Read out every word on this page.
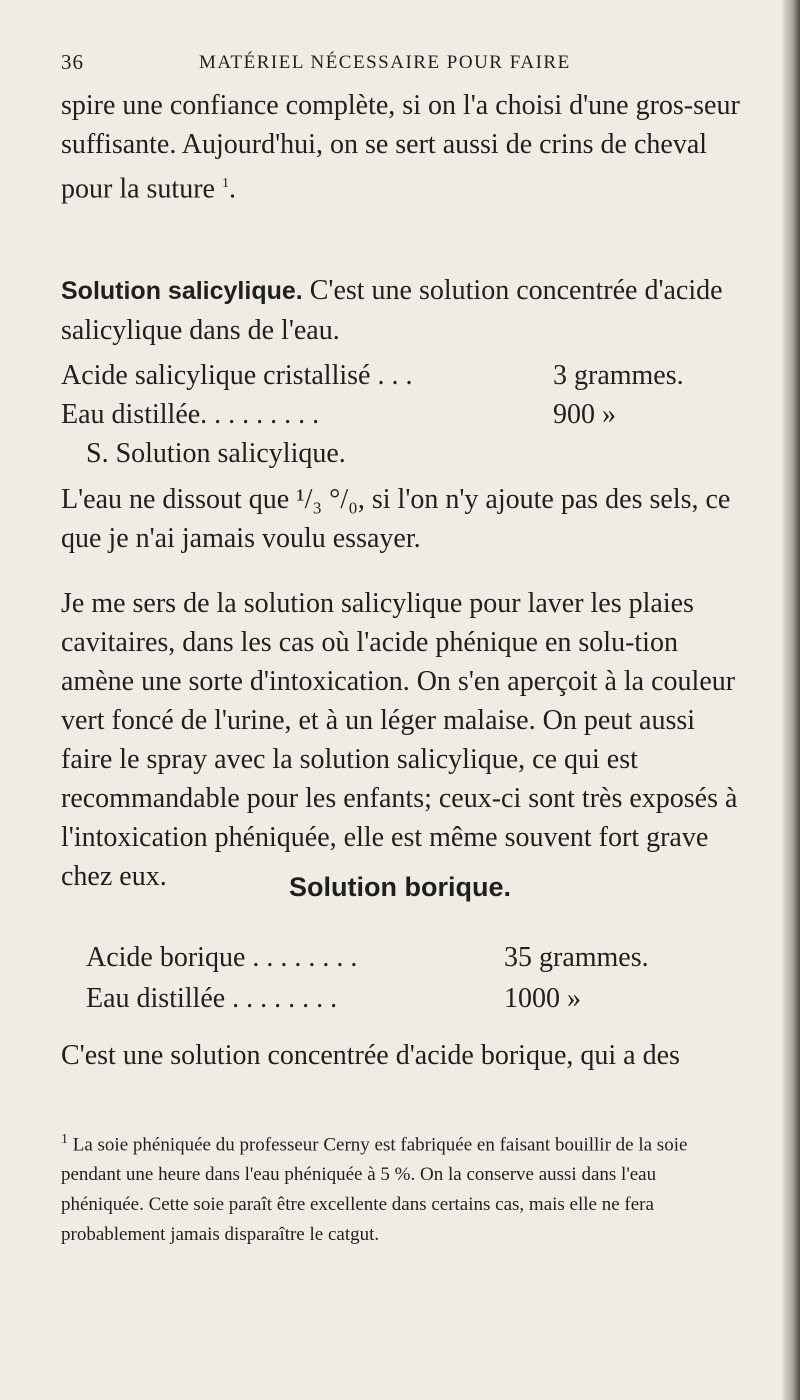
36	MATÉRIEL NÉCESSAIRE POUR FAIRE
spire une confiance complète, si on l'a choisi d'une gros-seur suffisante. Aujourd'hui, on se sert aussi de crins de cheval pour la suture $^1$.
Solution salicylique. C'est une solution concentrée d'acide salicylique dans de l'eau.
Acide salicylique cristallisé . . .	3 grammes.
Eau distillée. . . . . . . . .	900 »
S. Solution salicylique.
L'eau ne dissout que ¹/₃ °/₀, si l'on n'y ajoute pas des sels, ce que je n'ai jamais voulu essayer.
Je me sers de la solution salicylique pour laver les plaies cavitaires, dans les cas où l'acide phénique en solu-tion amène une sorte d'intoxication. On s'en aperçoit à la couleur vert foncé de l'urine, et à un léger malaise. On peut aussi faire le spray avec la solution salicylique, ce qui est recommandable pour les enfants; ceux-ci sont très exposés à l'intoxication phéniquée, elle est même souvent fort grave chez eux.	Solution borique.
Acide borique . . . . . . . .	35 grammes.
Eau distillée . . . . . . . .	1000 »
C'est une solution concentrée d'acide borique, qui a des
$^1$ La soie phéniquée du professeur Cerny est fabriquée en faisant bouillir de la soie pendant une heure dans l'eau phéniquée à 5 %. On la conserve aussi dans l'eau phéniquée. Cette soie paraît être excellente dans certains cas, mais elle ne fera probablement jamais disparaître le catgut.
